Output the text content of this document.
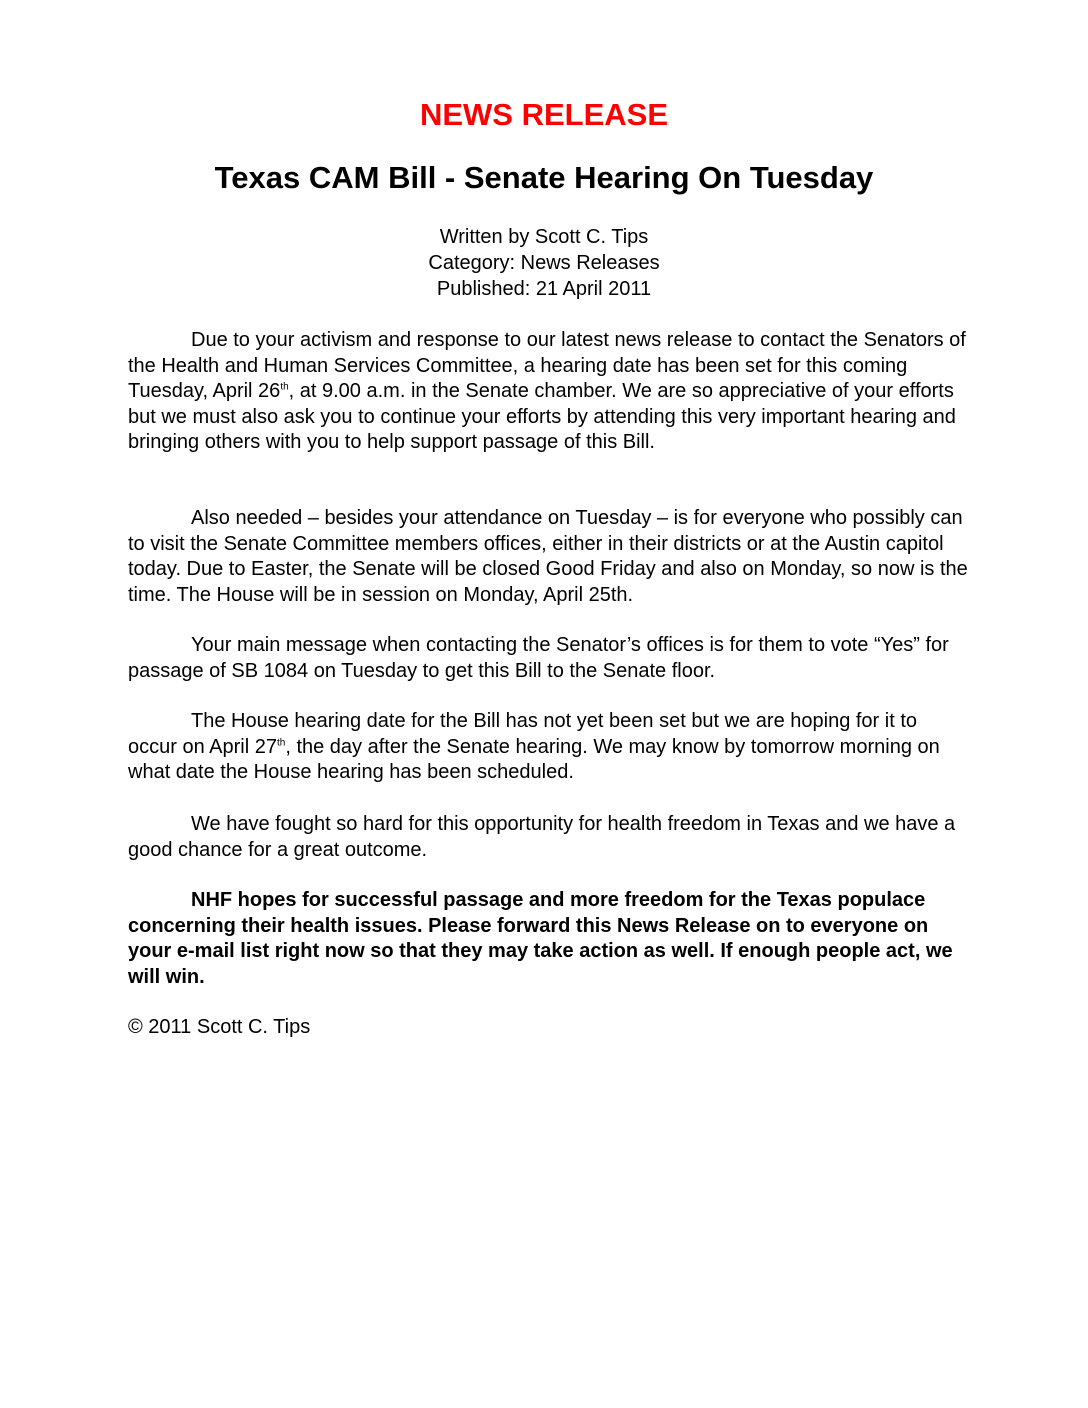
NEWS RELEASE
Texas CAM Bill - Senate Hearing On Tuesday
Written by Scott C. Tips
Category: News Releases
Published: 21 April 2011

Due to your activism and response to our latest news release to contact the Senators of the Health and Human Services Committee, a hearing date has been set for this coming Tuesday, April 26th, at 9.00 a.m. in the Senate chamber. We are so appreciative of your efforts but we must also ask you to continue your efforts by attending this very important hearing and bringing others with you to help support passage of this Bill.

Also needed – besides your attendance on Tuesday – is for everyone who possibly can to visit the Senate Committee members offices, either in their districts or at the Austin capitol today. Due to Easter, the Senate will be closed Good Friday and also on Monday, so now is the time. The House will be in session on Monday, April 25th.

Your main message when contacting the Senator’s offices is for them to vote “Yes” for passage of SB 1084 on Tuesday to get this Bill to the Senate floor.

The House hearing date for the Bill has not yet been set but we are hoping for it to occur on April 27th, the day after the Senate hearing. We may know by tomorrow morning on what date the House hearing has been scheduled.

We have fought so hard for this opportunity for health freedom in Texas and we have a good chance for a great outcome.

NHF hopes for successful passage and more freedom for the Texas populace concerning their health issues. Please forward this News Release on to everyone on your e-mail list right now so that they may take action as well. If enough people act, we will win.

© 2011 Scott C. Tips
